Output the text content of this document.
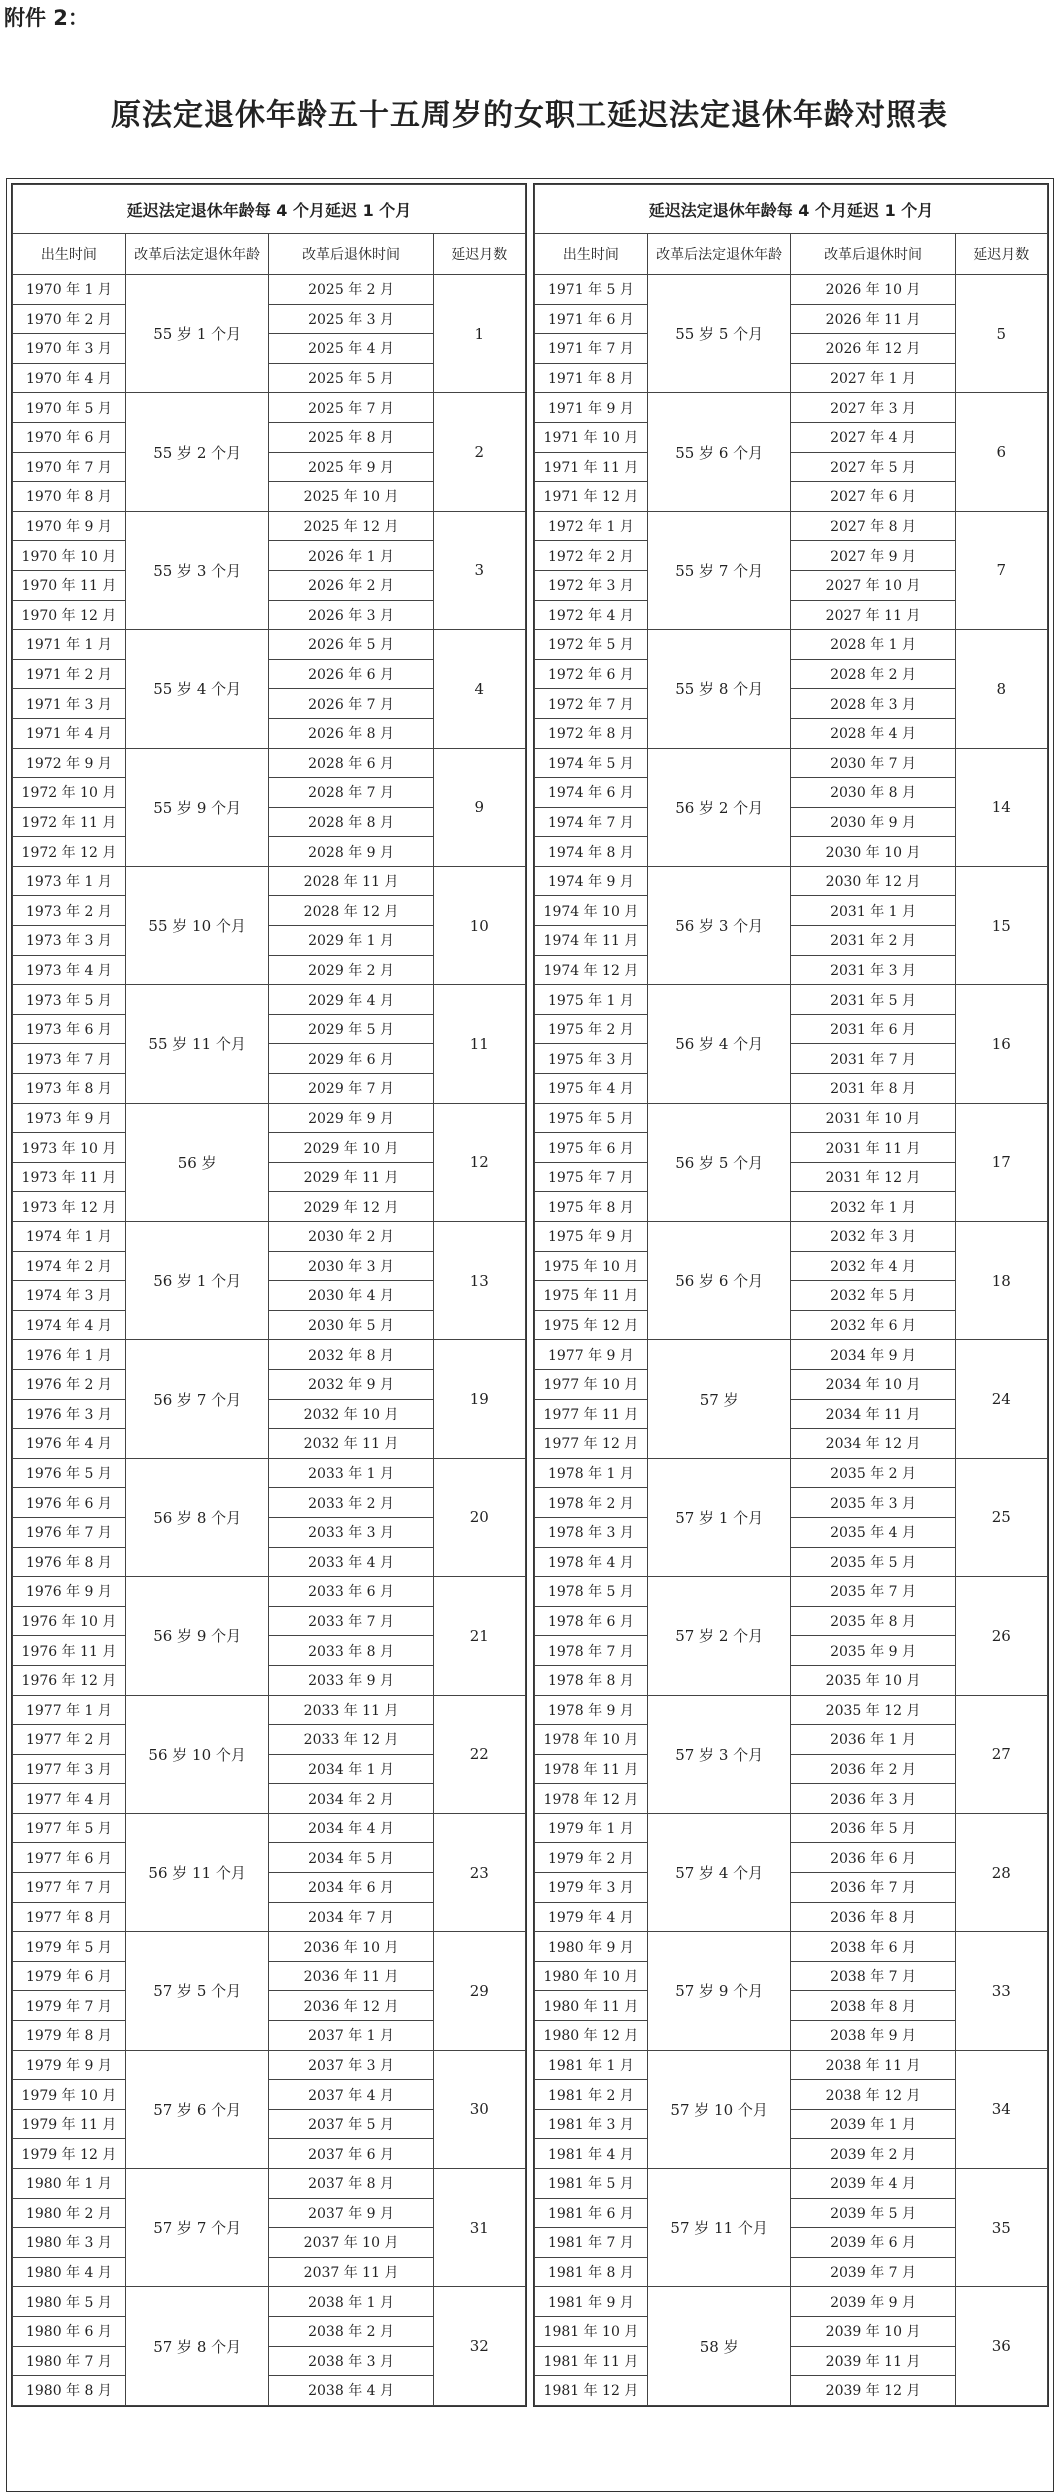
附件 2：
原法定退休年龄五十五周岁的女职工延迟法定退休年龄对照表
延迟法定退休年龄每 4 个月延迟 1 个月			
出生时间	改革后法定退休年龄	改革后退休时间	延迟月数
1970 年 1 月	55 岁 1 个月	2025 年 2 月	1
1970 年 2 月		2025 年 3 月	
1970 年 3 月		2025 年 4 月	
1970 年 4 月		2025 年 5 月	
1970 年 5 月	55 岁 2 个月	2025 年 7 月	2
1970 年 6 月		2025 年 8 月	
1970 年 7 月		2025 年 9 月	
1970 年 8 月		2025 年 10 月	
1970 年 9 月	55 岁 3 个月	2025 年 12 月	3
1970 年 10 月		2026 年 1 月	
1970 年 11 月		2026 年 2 月	
1970 年 12 月		2026 年 3 月	
1971 年 1 月	55 岁 4 个月	2026 年 5 月	4
1971 年 2 月		2026 年 6 月	
1971 年 3 月		2026 年 7 月	
1971 年 4 月		2026 年 8 月	
1972 年 9 月	55 岁 9 个月	2028 年 6 月	9
1972 年 10 月		2028 年 7 月	
1972 年 11 月		2028 年 8 月	
1972 年 12 月		2028 年 9 月	
1973 年 1 月	55 岁 10 个月	2028 年 11 月	10
1973 年 2 月		2028 年 12 月	
1973 年 3 月		2029 年 1 月	
1973 年 4 月		2029 年 2 月	
1973 年 5 月	55 岁 11 个月	2029 年 4 月	11
1973 年 6 月		2029 年 5 月	
1973 年 7 月		2029 年 6 月	
1973 年 8 月		2029 年 7 月	
1973 年 9 月	56 岁	2029 年 9 月	12
1973 年 10 月		2029 年 10 月	
1973 年 11 月		2029 年 11 月	
1973 年 12 月		2029 年 12 月	
1974 年 1 月	56 岁 1 个月	2030 年 2 月	13
1974 年 2 月		2030 年 3 月	
1974 年 3 月		2030 年 4 月	
1974 年 4 月		2030 年 5 月	
1976 年 1 月	56 岁 7 个月	2032 年 8 月	19
1976 年 2 月		2032 年 9 月	
1976 年 3 月		2032 年 10 月	
1976 年 4 月		2032 年 11 月	
1976 年 5 月	56 岁 8 个月	2033 年 1 月	20
1976 年 6 月		2033 年 2 月	
1976 年 7 月		2033 年 3 月	
1976 年 8 月		2033 年 4 月	
1976 年 9 月	56 岁 9 个月	2033 年 6 月	21
1976 年 10 月		2033 年 7 月	
1976 年 11 月		2033 年 8 月	
1976 年 12 月		2033 年 9 月	
1977 年 1 月	56 岁 10 个月	2033 年 11 月	22
1977 年 2 月		2033 年 12 月	
1977 年 3 月		2034 年 1 月	
1977 年 4 月		2034 年 2 月	
1977 年 5 月	56 岁 11 个月	2034 年 4 月	23
1977 年 6 月		2034 年 5 月	
1977 年 7 月		2034 年 6 月	
1977 年 8 月		2034 年 7 月	
1979 年 5 月	57 岁 5 个月	2036 年 10 月	29
1979 年 6 月		2036 年 11 月	
1979 年 7 月		2036 年 12 月	
1979 年 8 月		2037 年 1 月	
1979 年 9 月	57 岁 6 个月	2037 年 3 月	30
1979 年 10 月		2037 年 4 月	
1979 年 11 月		2037 年 5 月	
1979 年 12 月		2037 年 6 月	
1980 年 1 月	57 岁 7 个月	2037 年 8 月	31
1980 年 2 月		2037 年 9 月	
1980 年 3 月		2037 年 10 月	
1980 年 4 月		2037 年 11 月	
1980 年 5 月	57 岁 8 个月	2038 年 1 月	32
1980 年 6 月		2038 年 2 月	
1980 年 7 月		2038 年 3 月	
1980 年 8 月		2038 年 4 月	
延迟法定退休年龄每 4 个月延迟 1 个月			
出生时间	改革后法定退休年龄	改革后退休时间	延迟月数
1971 年 5 月	55 岁 5 个月	2026 年 10 月	5
1971 年 6 月		2026 年 11 月	
1971 年 7 月		2026 年 12 月	
1971 年 8 月		2027 年 1 月	
1971 年 9 月	55 岁 6 个月	2027 年 3 月	6
1971 年 10 月		2027 年 4 月	
1971 年 11 月		2027 年 5 月	
1971 年 12 月		2027 年 6 月	
1972 年 1 月	55 岁 7 个月	2027 年 8 月	7
1972 年 2 月		2027 年 9 月	
1972 年 3 月		2027 年 10 月	
1972 年 4 月		2027 年 11 月	
1972 年 5 月	55 岁 8 个月	2028 年 1 月	8
1972 年 6 月		2028 年 2 月	
1972 年 7 月		2028 年 3 月	
1972 年 8 月		2028 年 4 月	
1974 年 5 月	56 岁 2 个月	2030 年 7 月	14
1974 年 6 月		2030 年 8 月	
1974 年 7 月		2030 年 9 月	
1974 年 8 月		2030 年 10 月	
1974 年 9 月	56 岁 3 个月	2030 年 12 月	15
1974 年 10 月		2031 年 1 月	
1974 年 11 月		2031 年 2 月	
1974 年 12 月		2031 年 3 月	
1975 年 1 月	56 岁 4 个月	2031 年 5 月	16
1975 年 2 月		2031 年 6 月	
1975 年 3 月		2031 年 7 月	
1975 年 4 月		2031 年 8 月	
1975 年 5 月	56 岁 5 个月	2031 年 10 月	17
1975 年 6 月		2031 年 11 月	
1975 年 7 月		2031 年 12 月	
1975 年 8 月		2032 年 1 月	
1975 年 9 月	56 岁 6 个月	2032 年 3 月	18
1975 年 10 月		2032 年 4 月	
1975 年 11 月		2032 年 5 月	
1975 年 12 月		2032 年 6 月	
1977 年 9 月	57 岁	2034 年 9 月	24
1977 年 10 月		2034 年 10 月	
1977 年 11 月		2034 年 11 月	
1977 年 12 月		2034 年 12 月	
1978 年 1 月	57 岁 1 个月	2035 年 2 月	25
1978 年 2 月		2035 年 3 月	
1978 年 3 月		2035 年 4 月	
1978 年 4 月		2035 年 5 月	
1978 年 5 月	57 岁 2 个月	2035 年 7 月	26
1978 年 6 月		2035 年 8 月	
1978 年 7 月		2035 年 9 月	
1978 年 8 月		2035 年 10 月	
1978 年 9 月	57 岁 3 个月	2035 年 12 月	27
1978 年 10 月		2036 年 1 月	
1978 年 11 月		2036 年 2 月	
1978 年 12 月		2036 年 3 月	
1979 年 1 月	57 岁 4 个月	2036 年 5 月	28
1979 年 2 月		2036 年 6 月	
1979 年 3 月		2036 年 7 月	
1979 年 4 月		2036 年 8 月	
1980 年 9 月	57 岁 9 个月	2038 年 6 月	33
1980 年 10 月		2038 年 7 月	
1980 年 11 月		2038 年 8 月	
1980 年 12 月		2038 年 9 月	
1981 年 1 月	57 岁 10 个月	2038 年 11 月	34
1981 年 2 月		2038 年 12 月	
1981 年 3 月		2039 年 1 月	
1981 年 4 月		2039 年 2 月	
1981 年 5 月	57 岁 11 个月	2039 年 4 月	35
1981 年 6 月		2039 年 5 月	
1981 年 7 月		2039 年 6 月	
1981 年 8 月		2039 年 7 月	
1981 年 9 月	58 岁	2039 年 9 月	36
1981 年 10 月		2039 年 10 月	
1981 年 11 月		2039 年 11 月	
1981 年 12 月		2039 年 12 月	
